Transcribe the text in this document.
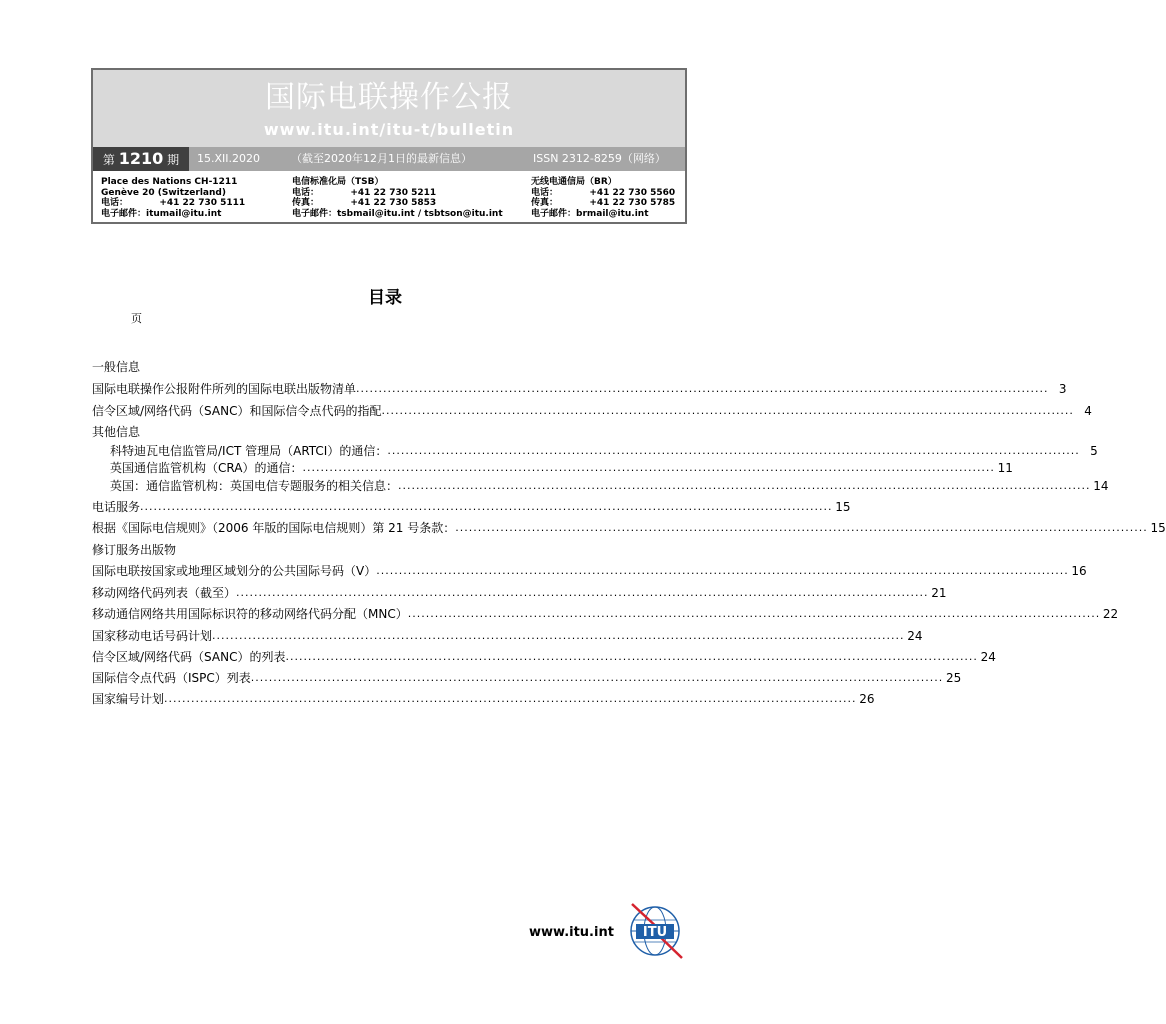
国际电联操作公报
www.itu.int/itu-t/bulletin
第 1210 期	15.XII.2020	（截至2020年12月1日的最新信息）	ISSN 2312-8259（网络）
Place des Nations CH-1211
Genève 20 (Switzerland)
电话：          +41 22 730 5111
电子邮件：itumail@itu.int
电信标准化局（TSB）
电话：          +41 22 730 5211
传真：          +41 22 730 5853
电子邮件：tsbmail@itu.int / tsbtson@itu.int
无线电通信局（BR）
电话：          +41 22 730 5560
传真：          +41 22 730 5785
电子邮件：brmail@itu.int
目录
页
一般信息
国际电联操作公报附件所列的国际电联出版物清单 .......................................................................................................................................................... 3
信令区域/网络代码（SANC）和国际信令点代码的指配 .......................................................................................................................................................... 4
其他信息
科特迪瓦电信监管局/ICT 管理局（ARTCI）的通信： .......................................................................................................................................................... 5
英国通信监管机构（CRA）的通信： .......................................................................................................................................................... 11
英国：通信监管机构：英国电信专题服务的相关信息： .......................................................................................................................................................... 14
电话服务 .......................................................................................................................................................... 15
根据《国际电信规则》（2006 年版的国际电信规则）第 21 号条款： .......................................................................................................................................................... 15
修订服务出版物
国际电联按国家或地理区域划分的公共国际号码（V） .......................................................................................................................................................... 16
移动网络代码列表（截至） .......................................................................................................................................................... 21
移动通信网络共用国际标识符的移动网络代码分配（MNC） .......................................................................................................................................................... 22
国家移动电话号码计划 .......................................................................................................................................................... 24
信令区域/网络代码（SANC）的列表 .......................................................................................................................................................... 24
国际信令点代码（ISPC）列表 .......................................................................................................................................................... 25
国家编号计划 .......................................................................................................................................................... 26
www.itu.int ITU
